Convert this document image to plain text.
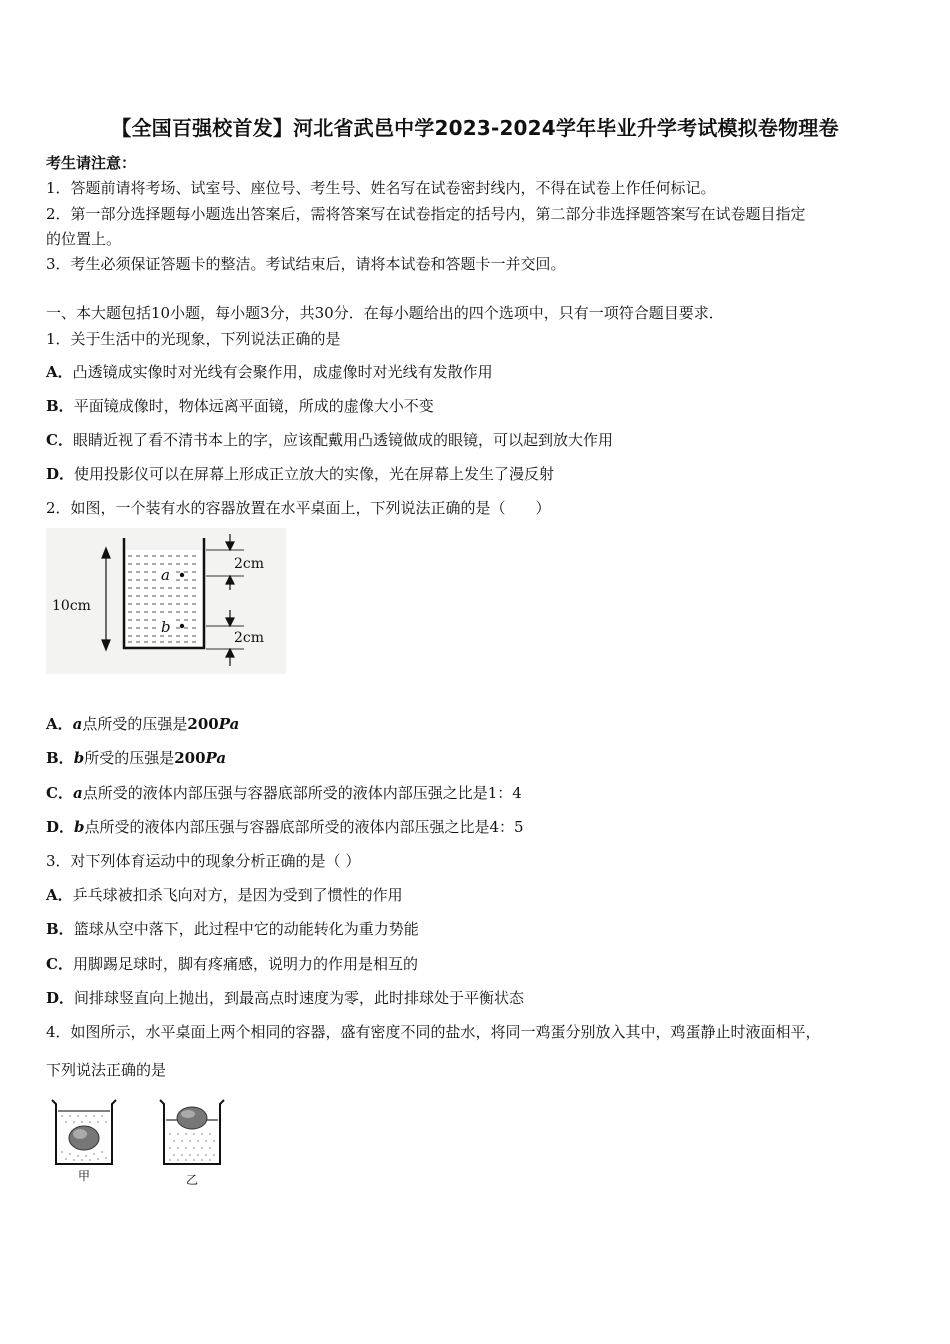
【全国百强校首发】河北省武邑中学2023-2024学年毕业升学考试模拟卷物理卷
考生请注意：
1．答题前请将考场、试室号、座位号、考生号、姓名写在试卷密封线内，不得在试卷上作任何标记。
2．第一部分选择题每小题选出答案后，需将答案写在试卷指定的括号内，第二部分非选择题答案写在试卷题目指定
的位置上。
3．考生必须保证答题卡的整洁。考试结束后，请将本试卷和答题卡一并交回。
一、本大题包括10小题，每小题3分，共30分．在每小题给出的四个选项中，只有一项符合题目要求．
1．关于生活中的光现象，下列说法正确的是
A．凸透镜成实像时对光线有会聚作用，成虚像时对光线有发散作用
B．平面镜成像时，物体远离平面镜，所成的虚像大小不变
C．眼睛近视了看不清书本上的字，应该配戴用凸透镜做成的眼镜，可以起到放大作用
D．使用投影仪可以在屏幕上形成正立放大的实像，光在屏幕上发生了漫反射
2．如图，一个装有水的容器放置在水平桌面上，下列说法正确的是（　　）
10cm
2cm
2cm
a
b
A．a点所受的压强是200Pa
B．b所受的压强是200Pa
C．a点所受的液体内部压强与容器底部所受的液体内部压强之比是1：4
D．b点所受的液体内部压强与容器底部所受的液体内部压强之比是4：5
3．对下列体育运动中的现象分析正确的是（ ）
A．乒乓球被扣杀飞向对方，是因为受到了惯性的作用
B．篮球从空中落下，此过程中它的动能转化为重力势能
C．用脚踢足球时，脚有疼痛感，说明力的作用是相互的
D．间排球竖直向上抛出，到最高点时速度为零，此时排球处于平衡状态
4．如图所示，水平桌面上两个相同的容器，盛有密度不同的盐水，将同一鸡蛋分别放入其中，鸡蛋静止时液面相平，
下列说法正确的是
甲	乙
